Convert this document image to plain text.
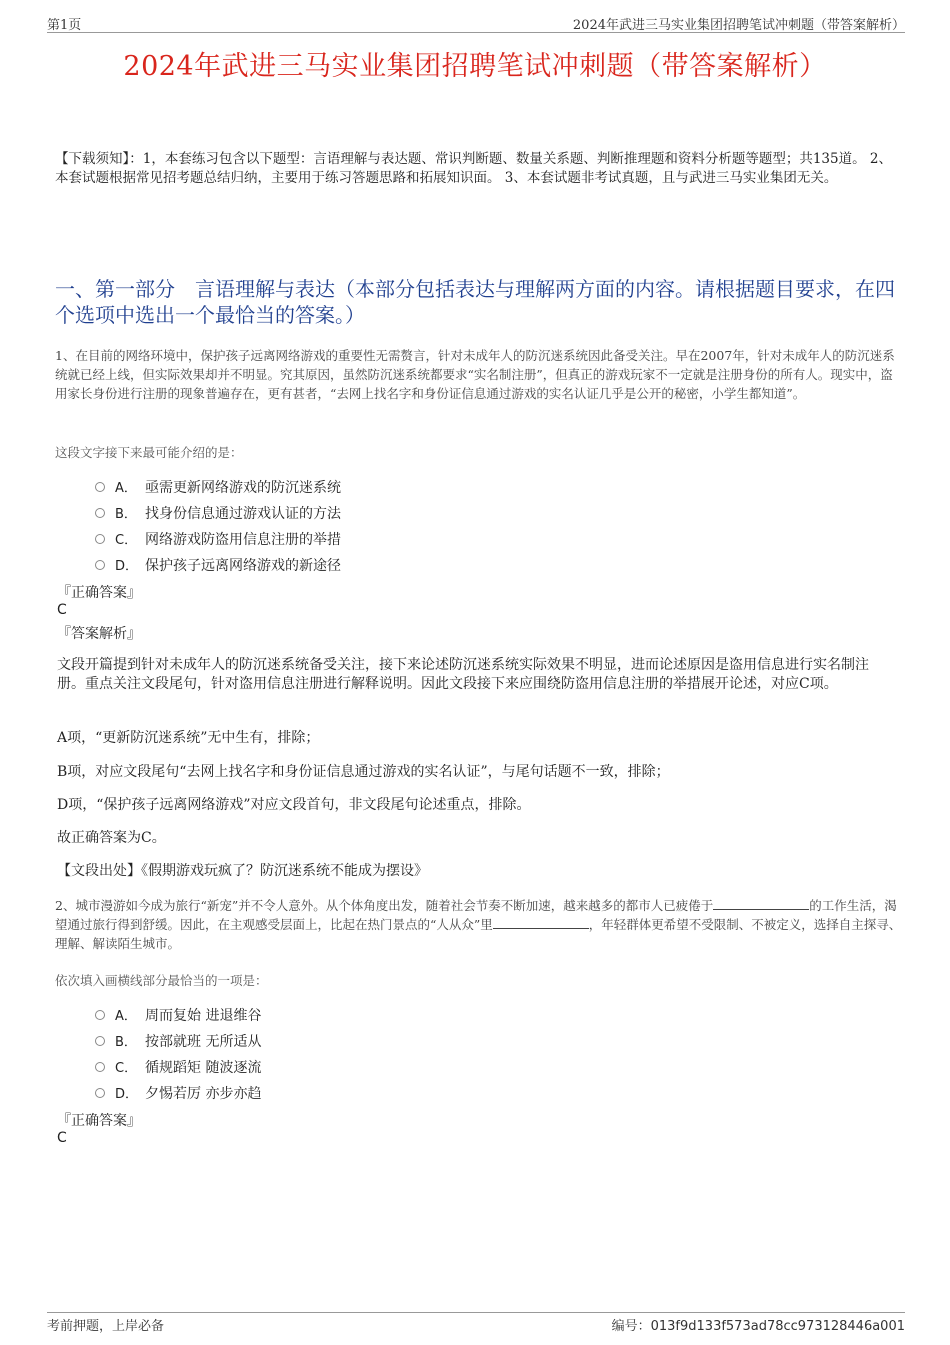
第1页	2024年武进三马实业集团招聘笔试冲刺题（带答案解析）
2024年武进三马实业集团招聘笔试冲刺题（带答案解析）
【下载须知】：1，本套练习包含以下题型：言语理解与表达题、常识判断题、数量关系题、判断推理题和资料分析题等题型；共135道。 2、本套试题根据常见招考题总结归纳，主要用于练习答题思路和拓展知识面。 3、本套试题非考试真题，且与武进三马实业集团无关。
一、第一部分　言语理解与表达（本部分包括表达与理解两方面的内容。请根据题目要求，在四个选项中选出一个最恰当的答案。）
1、在目前的网络环境中，保护孩子远离网络游戏的重要性无需赘言，针对未成年人的防沉迷系统因此备受关注。早在2007年，针对未成年人的防沉迷系统就已经上线，但实际效果却并不明显。究其原因，虽然防沉迷系统都要求“实名制注册”，但真正的游戏玩家不一定就是注册身份的所有人。现实中，盗用家长身份进行注册的现象普遍存在，更有甚者，“去网上找名字和身份证信息通过游戏的实名认证几乎是公开的秘密，小学生都知道”。
这段文字接下来最可能介绍的是：
A． 亟需更新网络游戏的防沉迷系统
B． 找身份信息通过游戏认证的方法
C． 网络游戏防盗用信息注册的举措
D． 保护孩子远离网络游戏的新途径
『正确答案』
C
『答案解析』
文段开篇提到针对未成年人的防沉迷系统备受关注，接下来论述防沉迷系统实际效果不明显，进而论述原因是盗用信息进行实名制注册。重点关注文段尾句，针对盗用信息注册进行解释说明。因此文段接下来应围绕防盗用信息注册的举措展开论述，对应C项。
A项，“更新防沉迷系统”无中生有，排除；
B项，对应文段尾句“去网上找名字和身份证信息通过游戏的实名认证”，与尾句话题不一致，排除；
D项，“保护孩子远离网络游戏”对应文段首句，非文段尾句论述重点，排除。
故正确答案为C。
【文段出处】《假期游戏玩疯了？防沉迷系统不能成为摆设》
2、城市漫游如今成为旅行“新宠”并不令人意外。从个体角度出发，随着社会节奏不断加速，越来越多的都市人已疲倦于	的工作生活，渴望通过旅行得到舒缓。因此，在主观感受层面上，比起在热门景点的“人从众”里	，年轻群体更希望不受限制、不被定义，选择自主探寻、理解、解读陌生城市。
依次填入画横线部分最恰当的一项是：
A． 周而复始 进退维谷
B． 按部就班 无所适从
C． 循规蹈矩 随波逐流
D． 夕惕若厉 亦步亦趋
『正确答案』
C
考前押题，上岸必备	编号：013f9d133f573ad78cc973128446a001
